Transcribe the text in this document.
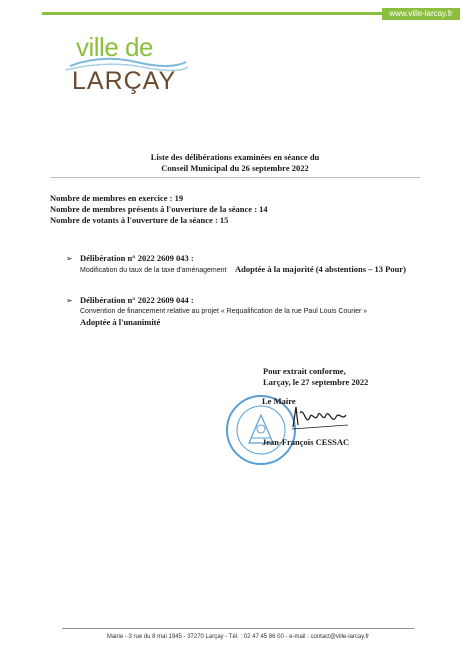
www.ville-larcay.fr
ville de
LARÇAY
Liste des délibérations examinées en séance du
Conseil Municipal du 26 septembre 2022
Nombre de membres en exercice : 19
Nombre de membres présents à l'ouverture de la séance : 14
Nombre de votants à l'ouverture de la séance : 15
➢ Délibération n° 2022 2609 043 :
Modification du taux de la taxe d'aménagement Adoptée à la majorité (4 abstentions – 13 Pour)
➢ Délibération n° 2022 2609 044 :
Convention de financement relative au projet « Requalification de la rue Paul Louis Courier »
Adoptée à l'unanimité
Pour extrait conforme,
Larçay, le 27 septembre 2022
Le Maire
Jean-François CESSAC
Mairie - 3 rue du 8 mai 1945 - 37270 Larçay - Tél. : 02 47 45 86 00 - e-mail : contact@ville-larcay.fr
